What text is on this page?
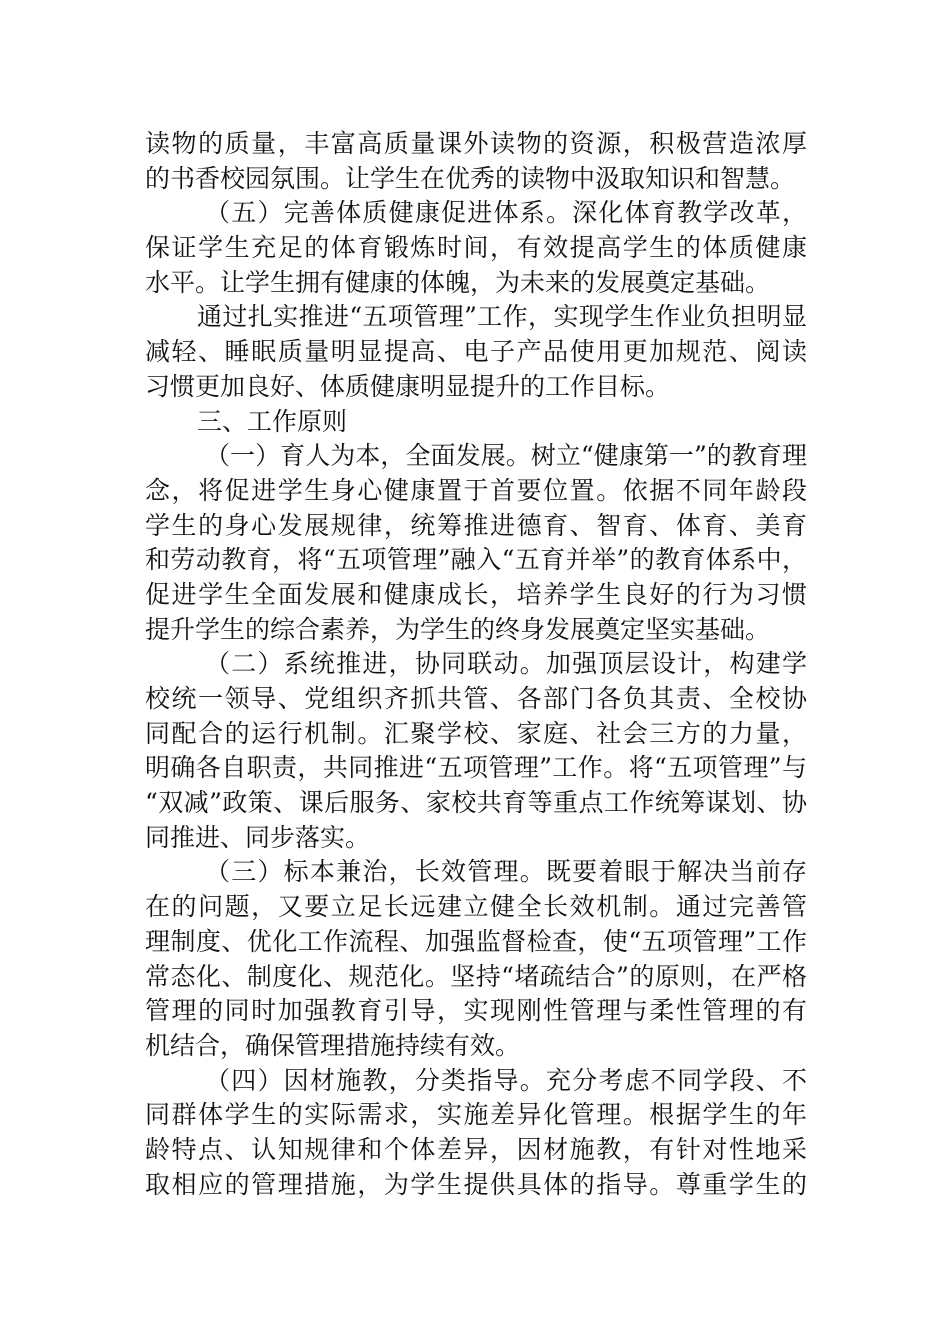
读物的质量，丰富高质量课外读物的资源，积极营造浓厚
的书香校园氛围。让学生在优秀的读物中汲取知识和智慧。
（五）完善体质健康促进体系。深化体育教学改革，
保证学生充足的体育锻炼时间，有效提高学生的体质健康
水平。让学生拥有健康的体魄，为未来的发展奠定基础。
通过扎实推进“五项管理”工作，实现学生作业负担明显
减轻、睡眠质量明显提高、电子产品使用更加规范、阅读
习惯更加良好、体质健康明显提升的工作目标。
三、工作原则
（一）育人为本，全面发展。树立“健康第一”的教育理
念，将促进学生身心健康置于首要位置。依据不同年龄段
学生的身心发展规律，统筹推进德育、智育、体育、美育
和劳动教育，将“五项管理”融入“五育并举”的教育体系中，
促进学生全面发展和健康成长，培养学生良好的行为习惯
提升学生的综合素养，为学生的终身发展奠定坚实基础。
（二）系统推进，协同联动。加强顶层设计，构建学
校统一领导、党组织齐抓共管、各部门各负其责、全校协
同配合的运行机制。汇聚学校、家庭、社会三方的力量，
明确各自职责，共同推进“五项管理”工作。将“五项管理”与
“双减”政策、课后服务、家校共育等重点工作统筹谋划、协
同推进、同步落实。
（三）标本兼治，长效管理。既要着眼于解决当前存
在的问题，又要立足长远建立健全长效机制。通过完善管
理制度、优化工作流程、加强监督检查，使“五项管理”工作
常态化、制度化、规范化。坚持“堵疏结合”的原则，在严格
管理的同时加强教育引导，实现刚性管理与柔性管理的有
机结合，确保管理措施持续有效。
（四）因材施教，分类指导。充分考虑不同学段、不
同群体学生的实际需求，实施差异化管理。根据学生的年
龄特点、认知规律和个体差异，因材施教，有针对性地采
取相应的管理措施，为学生提供具体的指导。尊重学生的
